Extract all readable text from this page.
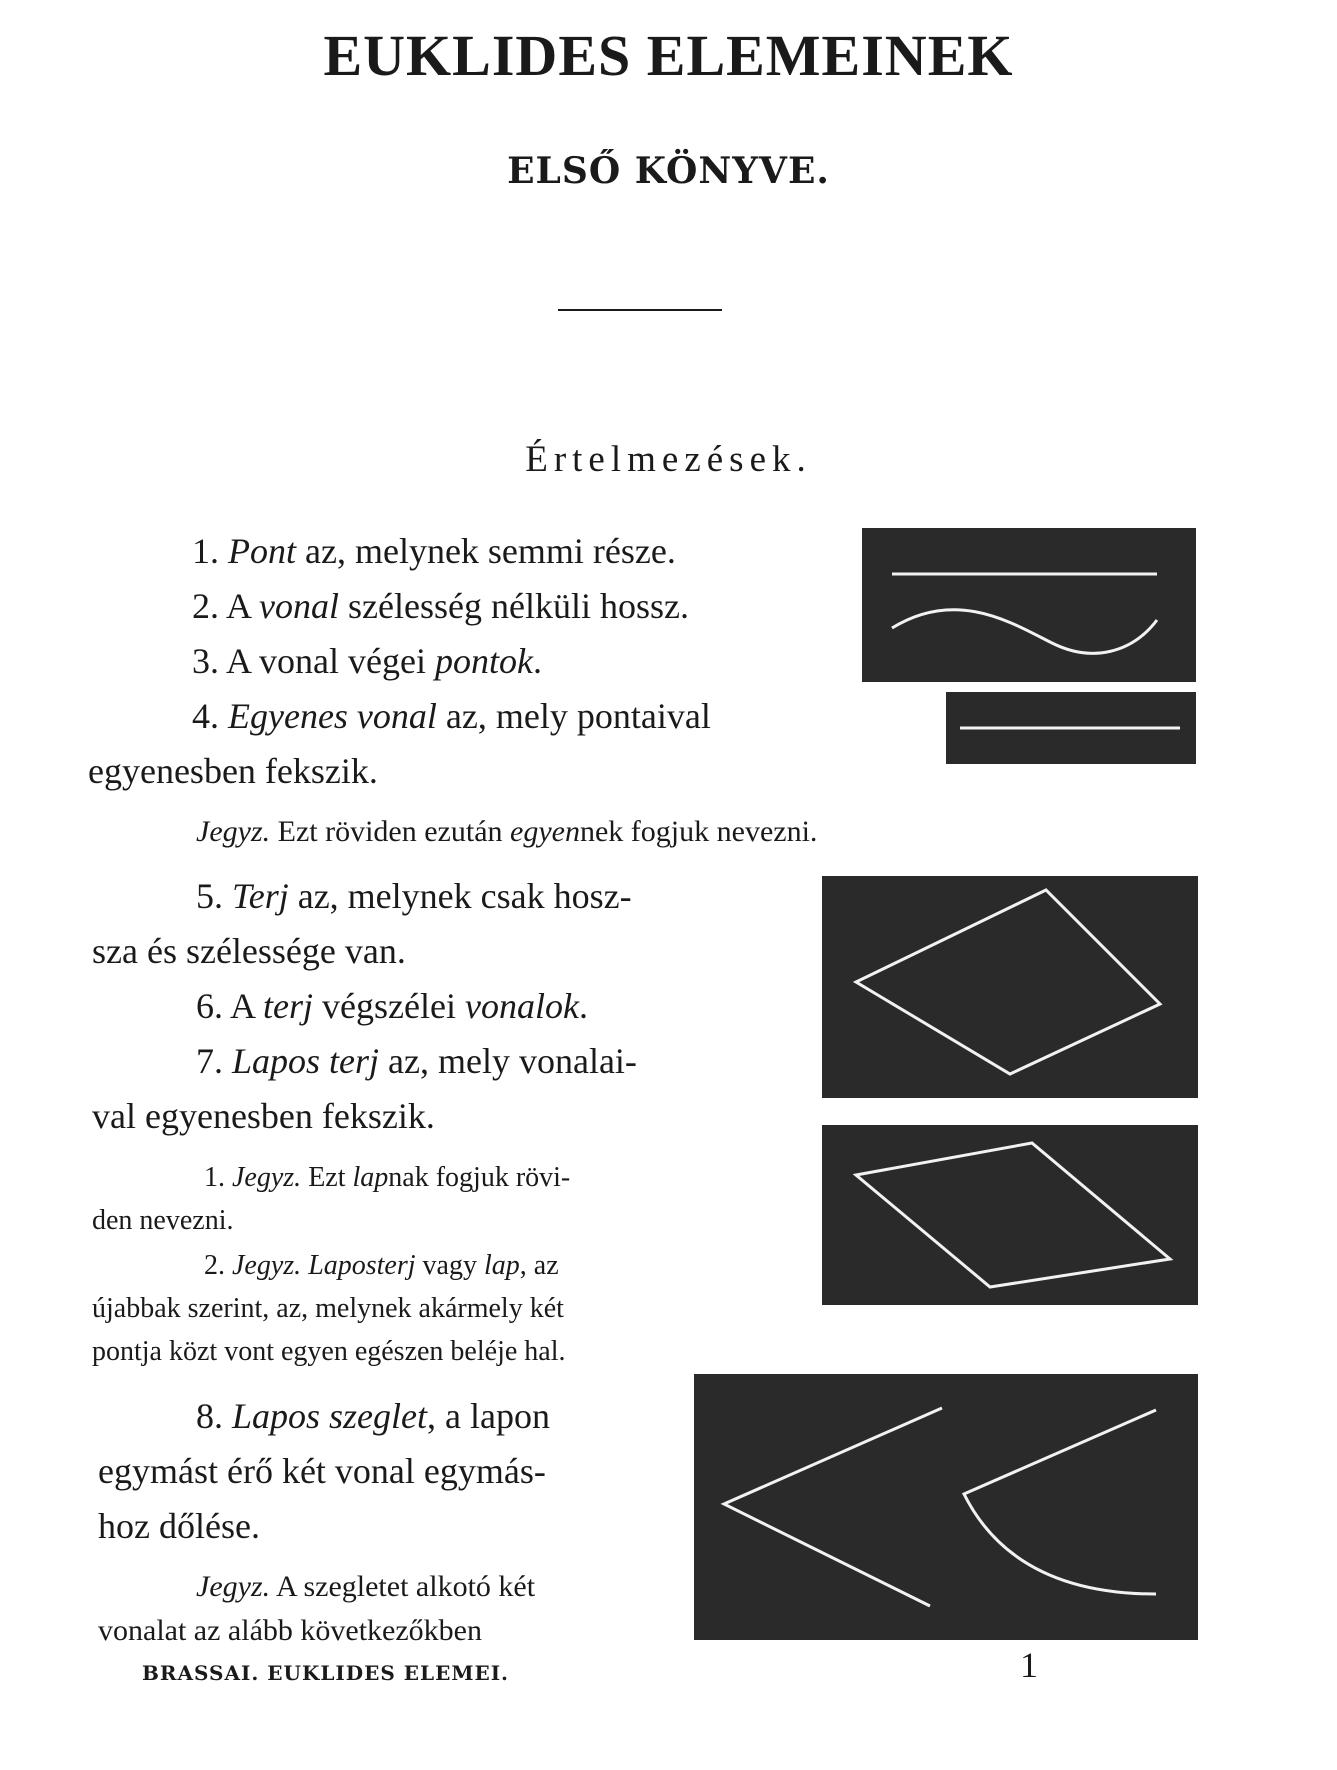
EUKLIDES ELEMEINEK
ELSŐ KÖNYVE.
Értelmezések.
1. Pont az, melynek semmi része.
2. A vonal szélesség nélküli hossz.
3. A vonal végei pontok.
4. Egyenes vonal az, mely pontaival
egyenesben fekszik.
Jegyz. Ezt röviden ezután egyennek fogjuk nevezni.
5. Terj az, melynek csak hosz-
sza és szélessége van.
6. A terj végszélei vonalok.
7. Lapos terj az, mely vonalai-
val egyenesben fekszik.
1. Jegyz. Ezt lapnak fogjuk rövi-
den nevezni.
2. Jegyz. Laposterj vagy lap, az
újabbak szerint, az, melynek akármely két
pontja közt vont egyen egészen beléje hal.
8. Lapos szeglet, a lapon
egymást érő két vonal egymás-
hoz dőlése.
Jegyz. A szegletet alkotó két
vonalat az alább következőkben
BRASSAI. EUKLIDES ELEMEI.	1
